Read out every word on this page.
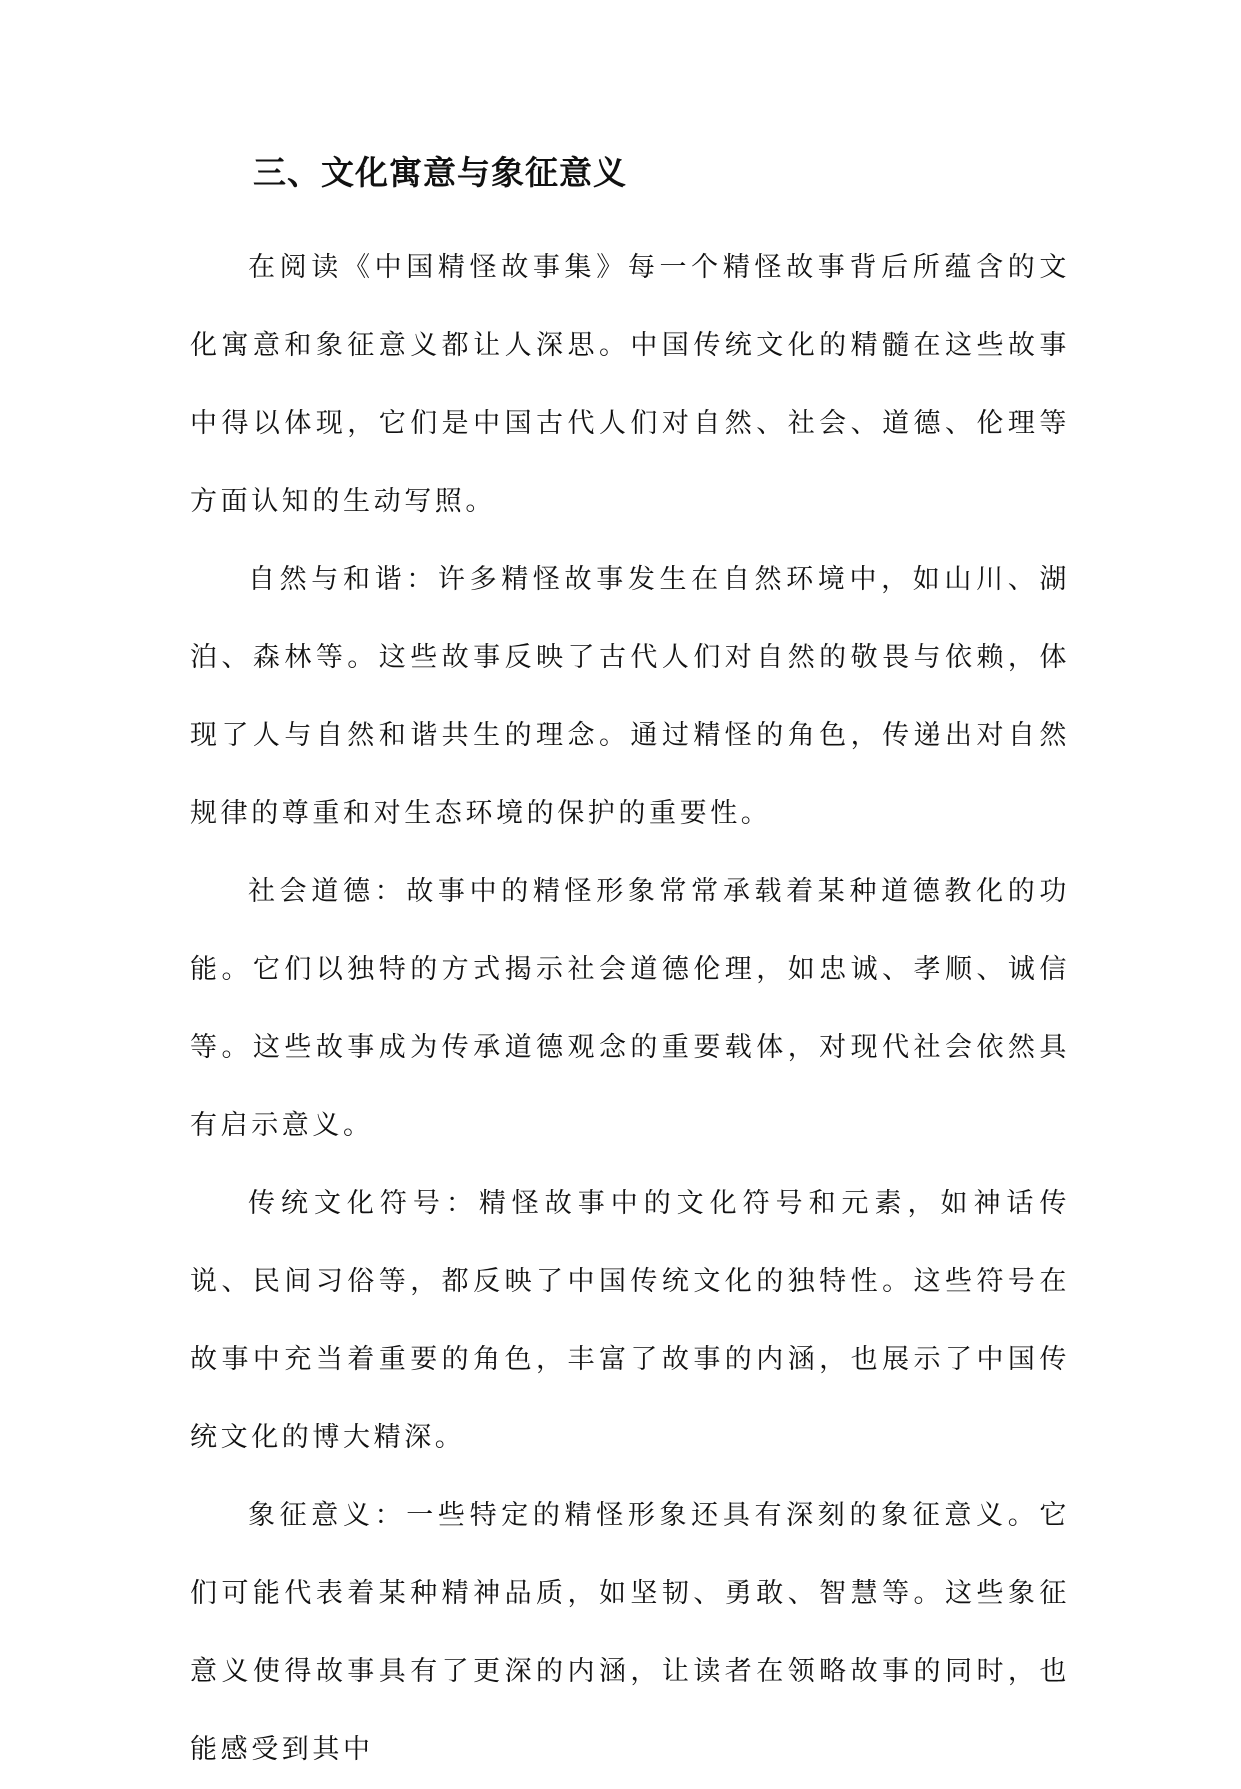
三、文化寓意与象征意义

在阅读《中国精怪故事集》每一个精怪故事背后所蕴含的文化寓意和象征意义都让人深思。中国传统文化的精髓在这些故事中得以体现，它们是中国古代人们对自然、社会、道德、伦理等方面认知的生动写照。

自然与和谐：许多精怪故事发生在自然环境中，如山川、湖泊、森林等。这些故事反映了古代人们对自然的敬畏与依赖，体现了人与自然和谐共生的理念。通过精怪的角色，传递出对自然规律的尊重和对生态环境的保护的重要性。

社会道德：故事中的精怪形象常常承载着某种道德教化的功能。它们以独特的方式揭示社会道德伦理，如忠诚、孝顺、诚信等。这些故事成为传承道德观念的重要载体，对现代社会依然具有启示意义。

传统文化符号：精怪故事中的文化符号和元素，如神话传说、民间习俗等，都反映了中国传统文化的独特性。这些符号在故事中充当着重要的角色，丰富了故事的内涵，也展示了中国传统文化的博大精深。

象征意义：一些特定的精怪形象还具有深刻的象征意义。它们可能代表着某种精神品质，如坚韧、勇敢、智慧等。这些象征意义使得故事具有了更深的内涵，让读者在领略故事的同时，也能感受到其中
